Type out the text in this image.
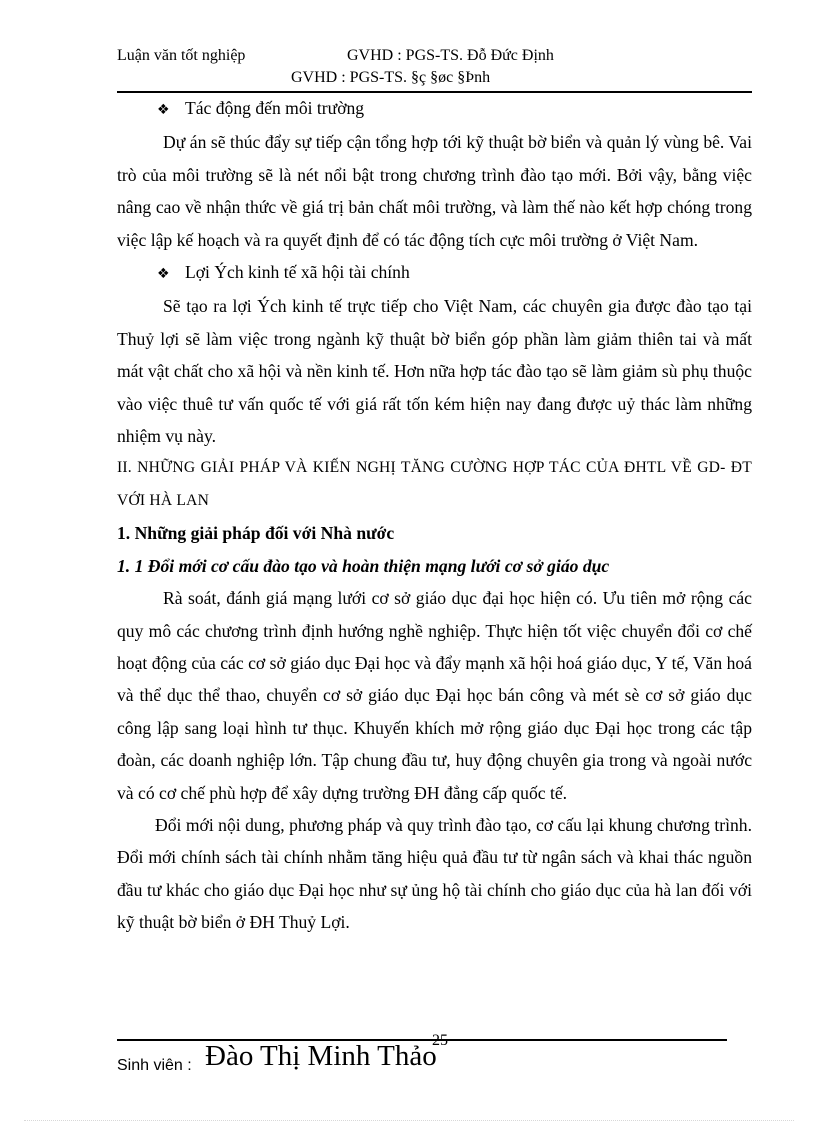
Luận văn tốt nghiệp	GVHD : PGS-TS. Đỗ Đức Định
GVHD : PGS-TS. §ç §øc §Þnh

❖ Tác động đến môi trường

Dự án sẽ thúc đẩy sự tiếp cận tổng hợp tới kỹ thuật bờ biển và quản lý vùng bê. Vai trò của môi trường sẽ là nét nổi bật trong chương trình đào tạo mới. Bởi vậy, bằng việc nâng cao về nhận thức về giá trị bản chất môi trường, và làm thế nào kết hợp chóng trong việc lập kế hoạch và ra quyết định để có tác động tích cực môi trường ở Việt Nam.

❖ Lợi Ých kinh tế xã hội tài chính

Sẽ tạo ra lợi Ých kinh tế trực tiếp cho Việt Nam, các chuyên gia được đào tạo tại Thuỷ lợi sẽ làm việc trong ngành kỹ thuật bờ biển góp phần làm giảm thiên tai và mất mát vật chất cho xã hội và nền kinh tế. Hơn nữa hợp tác đào tạo sẽ làm giảm sù phụ thuộc vào việc thuê tư vấn quốc tế với giá rất tốn kém hiện nay đang được uỷ thác làm những nhiệm vụ này.

II. NHỮNG GIẢI PHÁP VÀ KIẾN NGHỊ TĂNG CƯỜNG HỢP TÁC CỦA ĐHTL VỀ GD- ĐT VỚI HÀ LAN

1. Những giải pháp đối với Nhà nước

1. 1 Đổi mới cơ cấu đào tạo và hoàn thiện mạng lưới cơ sở giáo dục

Rà soát, đánh giá mạng lưới cơ sở giáo dục đại học hiện có. Ưu tiên mở rộng các quy mô các chương trình định hướng nghề nghiệp. Thực hiện tốt việc chuyển đổi cơ chế hoạt động của các cơ sở giáo dục Đại học và đẩy mạnh xã hội hoá giáo dục, Y tế, Văn hoá và thể dục thể thao, chuyển cơ sở giáo dục Đại học bán công và mét sè cơ sở giáo dục công lập sang loại hình tư thục. Khuyến khích mở rộng giáo dục Đại học trong các tập đoàn, các doanh nghiệp lớn. Tập chung đầu tư, huy động chuyên gia trong và ngoài nước và có cơ chế phù hợp để xây dựng trường ĐH đẳng cấp quốc tế.

Đổi mới nội dung, phương pháp và quy trình đào tạo, cơ cấu lại khung chương trình. Đổi mới chính sách tài chính nhằm tăng hiệu quả đầu tư từ ngân sách và khai thác nguồn đầu tư khác cho giáo dục Đại học như sự ủng hộ tài chính cho giáo dục của hà lan đối với kỹ thuật bờ biển ở ĐH Thuỷ Lợi.

25
Sinh viên : Đào Thị Minh Thảo
